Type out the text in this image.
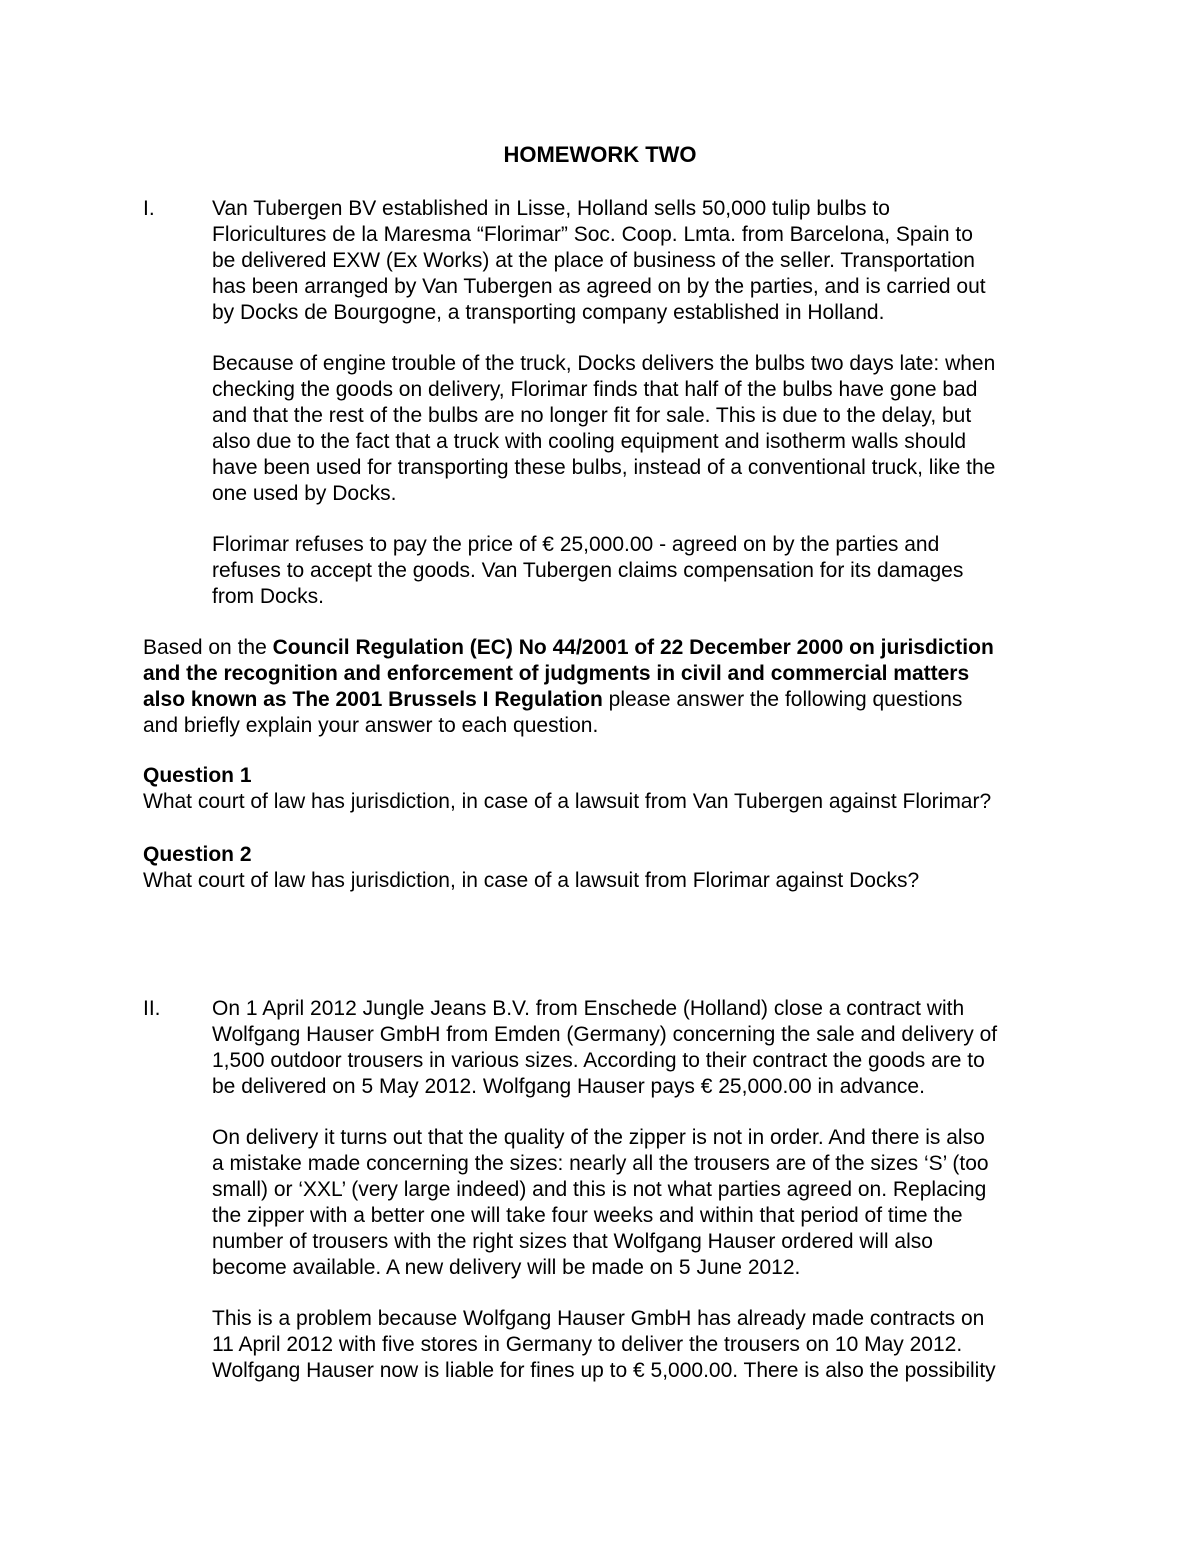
HOMEWORK TWO
I.	Van Tubergen BV established in Lisse, Holland sells 50,000 tulip bulbs to
Floricultures de la Maresma “Florimar” Soc. Coop. Lmta. from Barcelona, Spain to
be delivered EXW (Ex Works) at the place of business of the seller. Transportation
has been arranged by Van Tubergen as agreed on by the parties, and is carried out
by Docks de Bourgogne, a transporting company established in Holland.
Because of engine trouble of the truck, Docks delivers the bulbs two days late: when
checking the goods on delivery, Florimar finds that half of the bulbs have gone bad
and that the rest of the bulbs are no longer fit for sale. This is due to the delay, but
also due to the fact that a truck with cooling equipment and isotherm walls should
have been used for transporting these bulbs, instead of a conventional truck, like the
one used by Docks.
Florimar refuses to pay the price of € 25,000.00 - agreed on by the parties and
refuses to accept the goods. Van Tubergen claims compensation for its damages
from Docks.
Based on the Council Regulation (EC) No 44/2001 of 22 December 2000 on jurisdiction
and the recognition and enforcement of judgments in civil and commercial matters
also known as The 2001 Brussels I Regulation please answer the following questions
and briefly explain your answer to each question.
Question 1
What court of law has jurisdiction, in case of a lawsuit from Van Tubergen against Florimar?
Question 2
What court of law has jurisdiction, in case of a lawsuit from Florimar against Docks?
II. On 1 April 2012 Jungle Jeans B.V. from Enschede (Holland) close a contract with
Wolfgang Hauser GmbH from Emden (Germany) concerning the sale and delivery of
1,500 outdoor trousers in various sizes. According to their contract the goods are to
be delivered on 5 May 2012. Wolfgang Hauser pays € 25,000.00 in advance.
On delivery it turns out that the quality of the zipper is not in order. And there is also
a mistake made concerning the sizes: nearly all the trousers are of the sizes ‘S’ (too
small) or ‘XXL’ (very large indeed) and this is not what parties agreed on. Replacing
the zipper with a better one will take four weeks and within that period of time the
number of trousers with the right sizes that Wolfgang Hauser ordered will also
become available. A new delivery will be made on 5 June 2012.
This is a problem because Wolfgang Hauser GmbH has already made contracts on
11 April 2012 with five stores in Germany to deliver the trousers on 10 May 2012.
Wolfgang Hauser now is liable for fines up to € 5,000.00. There is also the possibility
